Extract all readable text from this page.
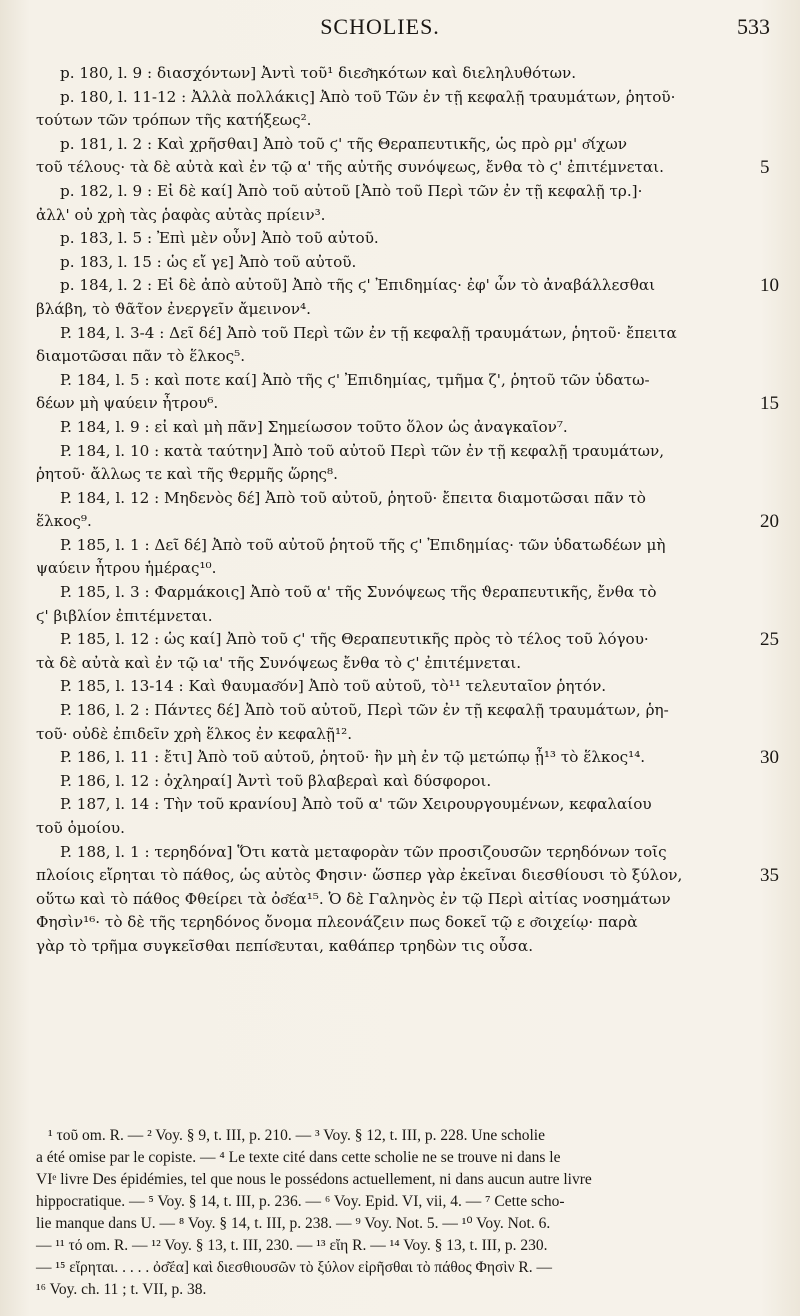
SCHOLIES.	533
p. 180, l. 9 : διασχόντων] Ἀντὶ τοῦ¹ διεσ͂ηκότων καὶ διεληλυθότων.
p. 180, l. 11-12 : Ἀλλὰ πολλάκις] Ἀπὸ τοῦ Τῶν ἐν τῇ κεφαλῇ τραυμάτων, ῥητοῦ·
τούτων τῶν τρόπων τῆς κατήξεως².
p. 181, l. 2 : Καὶ χρῆσθαι] Ἀπὸ τοῦ ϛ' τῆς Θεραπευτικῆς, ὡς πρὸ ρμ' σ͂ίχων
τοῦ τέλους· τὰ δὲ αὐτὰ καὶ ἐν τῷ α' τῆς αὐτῆς συνόψεως, ἔνθα τὸ ϛ' ἐπιτέμνεται.	5
p. 182, l. 9 : Εἰ δὲ καί] Ἀπὸ τοῦ αὐτοῦ [Ἀπὸ τοῦ Περὶ τῶν ἐν τῇ κεφαλῇ τρ.]·
ἀλλ' οὐ χρὴ τὰς ῥαφὰς αὐτὰς πρίειν³.
p. 183, l. 5 : Ἐπὶ μὲν οὖν] Ἀπὸ τοῦ αὐτοῦ.
p. 183, l. 15 : ὡς εἴ γε] Ἀπὸ τοῦ αὐτοῦ.
p. 184, l. 2 : Εἰ δὲ ἀπὸ αὐτοῦ] Ἀπὸ τῆς ϛ' Ἐπιδημίας· ἐφ' ὧν τὸ ἀναβάλλεσθαι	10
βλάβη, τὸ ϑᾶτ̃ον ἐνεργεῖν ἄμεινον⁴.
P. 184, l. 3-4 : Δεῖ δέ] Ἀπὸ τοῦ Περὶ τῶν ἐν τῇ κεφαλῇ τραυμάτων, ῥητοῦ· ἔπειτα
διαμοτῶσαι πᾶν τὸ ἕλκος⁵.
P. 184, l. 5 : καὶ ποτε καί] Ἀπὸ τῆς ϛ' Ἐπιδημίας, τμῆμα ζ', ῥητοῦ τῶν ὑδατω-
δέων μὴ ψαύειν ἦτρου⁶.	15
P. 184, l. 9 : εἰ καὶ μὴ πᾶν] Σημείωσον τοῦτο ὅλον ὡς ἀναγκαῖον⁷.
P. 184, l. 10 : κατὰ ταύτην] Ἀπὸ τοῦ αὐτοῦ Περὶ τῶν ἐν τῇ κεφαλῇ τραυμάτων,
ῥητοῦ· ἄλλως τε καὶ τῆς ϑερμῆς ὥρης⁸.
P. 184, l. 12 : Μηδενὸς δέ] Ἀπὸ τοῦ αὐτοῦ, ῥητοῦ· ἔπειτα διαμοτῶσαι πᾶν τὸ
ἕλκος⁹.	20
P. 185, l. 1 : Δεῖ δέ] Ἀπὸ τοῦ αὐτοῦ ῥητοῦ τῆς ϛ' Ἐπιδημίας· τῶν ὑδατωδέων μὴ
ψαύειν ἦτρου ἡμέρας¹⁰.
P. 185, l. 3 : Φαρμάκοις] Ἀπὸ τοῦ α' τῆς Συνόψεως τῆς ϑεραπευτικῆς, ἔνθα τὸ
ϛ' βιβλίον ἐπιτέμνεται.
P. 185, l. 12 : ὡς καί] Ἀπὸ τοῦ ϛ' τῆς Θεραπευτικῆς πρὸς τὸ τέλος τοῦ λόγου·	25
τὰ δὲ αὐτὰ καὶ ἐν τῷ ια' τῆς Συνόψεως ἔνθα τὸ ϛ' ἐπιτέμνεται.
P. 185, l. 13-14 : Καὶ ϑαυμασ͂όν] Ἀπὸ τοῦ αὐτοῦ, τὸ¹¹ τελευταῖον ῥητόν.
P. 186, l. 2 : Πάντες δέ] Ἀπὸ τοῦ αὐτοῦ, Περὶ τῶν ἐν τῇ κεφαλῇ τραυμάτων, ῥη-
τοῦ· οὐδὲ ἐπιδεῖν χρὴ ἕλκος ἐν κεφαλῇ¹².
P. 186, l. 11 : ἔτι] Ἀπὸ τοῦ αὐτοῦ, ῥητοῦ· ἢν μὴ ἐν τῷ μετώπῳ ᾖ¹³ τὸ ἕλκος¹⁴.	30
P. 186, l. 12 : ὀχληραί] Ἀντὶ τοῦ βλαβεραὶ καὶ δύσφοροι.
P. 187, l. 14 : Τὴν τοῦ κρανίου] Ἀπὸ τοῦ α' τῶν Χειρουργουμένων, κεφαλαίου
τοῦ ὁμοίου.
P. 188, l. 1 : τερηδόνα] Ὅτι κατὰ μεταφορὰν τῶν προσιζουσῶν τερηδόνων τοῖς
πλοίοις εἴρηται τὸ πάθος, ὡς αὐτὸς Φησιν· ὥσπερ γὰρ ἐκεῖναι διεσθίουσι τὸ ξύλον,	35
οὕτω καὶ τὸ πάθος Φθείρει τὰ ὀσ͂έα¹⁵. Ὁ δὲ Γαληνὸς ἐν τῷ Περὶ αἰτίας νοσημάτων
Φησὶν¹⁶· τὸ δὲ τῆς τερηδόνος ὄνομα πλεονάζειν πως δοκεῖ τῷ ε σ͂οιχείῳ· παρὰ
γὰρ τὸ τρῆμα συγκεῖσθαι πεπίσ͂ευται, καθάπερ τρηδὼν τις οὖσα.
¹ τοῦ om. R. — ² Voy. § 9, t. III, p. 210. — ³ Voy. § 12, t. III, p. 228. Une scholie
a été omise par le copiste. — ⁴ Le texte cité dans cette scholie ne se trouve ni dans le
VIᵉ livre Des épidémies, tel que nous le possédons actuellement, ni dans aucun autre livre
hippocratique. — ⁵ Voy. § 14, t. III, p. 236. — ⁶ Voy. Epid. VI, vii, 4. — ⁷ Cette scho-
lie manque dans U. — ⁸ Voy. § 14, t. III, p. 238. — ⁹ Voy. Not. 5. — ¹⁰ Voy. Not. 6.
— ¹¹ τό om. R. — ¹² Voy. § 13, t. III, 230. — ¹³ εἴη R. — ¹⁴ Voy. § 13, t. III, p. 230.
— ¹⁵ εἴρηται. . . . . ὀσ͂έα] καὶ διεσθιουσῶν τὸ ξύλον εἰρῆσθαι τὸ πάθος Φησὶν R. —
¹⁶ Voy. ch. 11 ; t. VII, p. 38.
